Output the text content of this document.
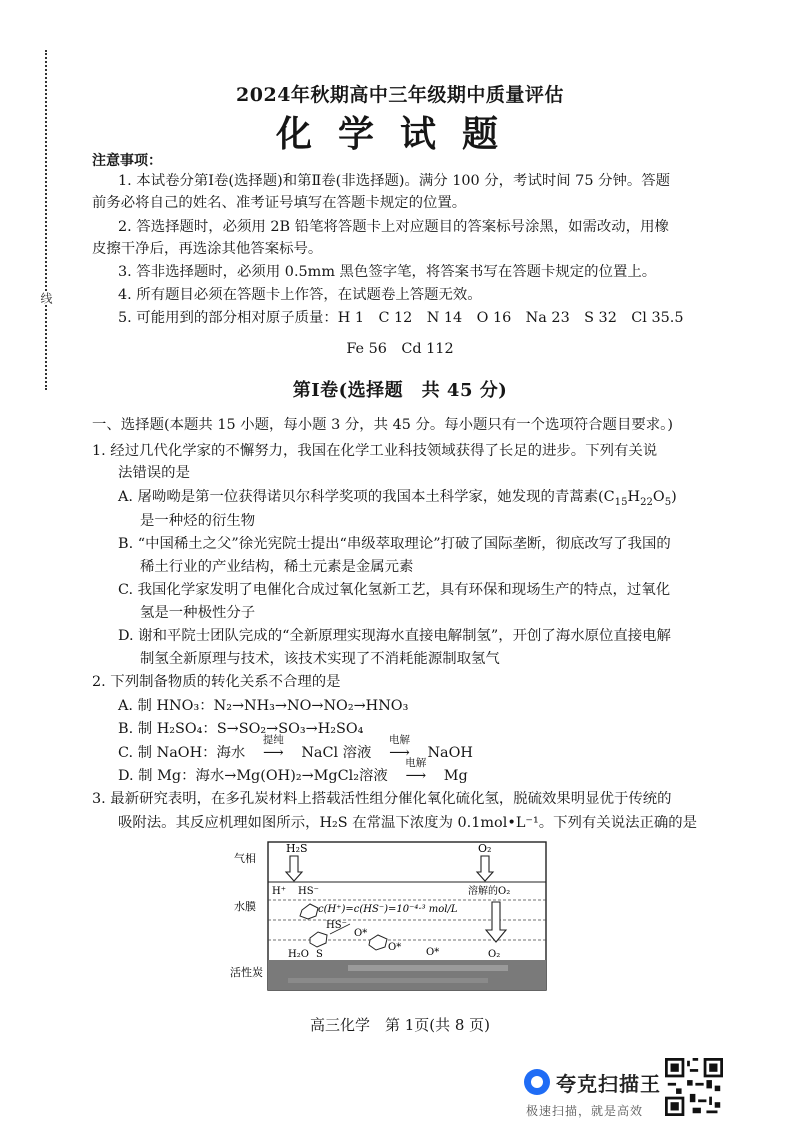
线
2024年秋期高中三年级期中质量评估
化学试题
注意事项：
1. 本试卷分第Ⅰ卷(选择题)和第Ⅱ卷(非选择题)。满分 100 分，考试时间 75 分钟。答题
前务必将自己的姓名、准考证号填写在答题卡规定的位置。
2. 答选择题时，必须用 2B 铅笔将答题卡上对应题目的答案标号涂黑，如需改动，用橡
皮擦干净后，再选涂其他答案标号。
3. 答非选择题时，必须用 0.5mm 黑色签字笔，将答案书写在答题卡规定的位置上。
4. 所有题目必须在答题卡上作答，在试题卷上答题无效。
5. 可能用到的部分相对原子质量：H 1　C 12　N 14　O 16　Na 23　S 32　Cl 35.5
Fe 56　Cd 112
第Ⅰ卷(选择题　共 45 分)
一、选择题(本题共 15 小题，每小题 3 分，共 45 分。每小题只有一个选项符合题目要求。)
1. 经过几代化学家的不懈努力，我国在化学工业科技领域获得了长足的进步。下列有关说
法错误的是
A. 屠呦呦是第一位获得诺贝尔科学奖项的我国本土科学家，她发现的青蒿素$(C_{15}H_{22}O_5)$
是一种烃的衍生物
B. “中国稀土之父”徐光宪院士提出“串级萃取理论”打破了国际垄断，彻底改写了我国的
稀土行业的产业结构，稀土元素是金属元素
C. 我国化学家发明了电催化合成过氧化氢新工艺，具有环保和现场生产的特点，过氧化
氢是一种极性分子
D. 谢和平院士团队完成的“全新原理实现海水直接电解制氢”，开创了海水原位直接电解
制氢全新原理与技术，该技术实现了不消耗能源制取氢气
2. 下列制备物质的转化关系不合理的是
A. 制 HNO₃：N₂→NH₃→NO→NO₂→HNO₃
B. 制 H₂SO₄：S→SO₂→SO₃→H₂SO₄
C. 制 NaOH：海水
提纯
⟶ NaCl 溶液
电解
⟶ NaOH
D. 制 Mg：海水→Mg(OH)₂→MgCl₂溶液
电解
⟶ Mg
3. 最新研究表明，在多孔炭材料上搭载活性组分催化氧化硫化氢，脱硫效果明显优于传统的
吸附法。其反应机理如图所示，H₂S 在常温下浓度为 0.1mol•L⁻¹。下列有关说法正确的是
气相
水膜
活性炭
H₂S	O₂
H⁺ HS⁻	溶解的O₂
c(H⁺)=c(HS⁻)=10⁻⁴·³ mol/L
HS⁻
O*
O* O*
H₂O S	O₂
高三化学　第 1页(共 8 页)
夸克扫描王
极速扫描，就是高效
